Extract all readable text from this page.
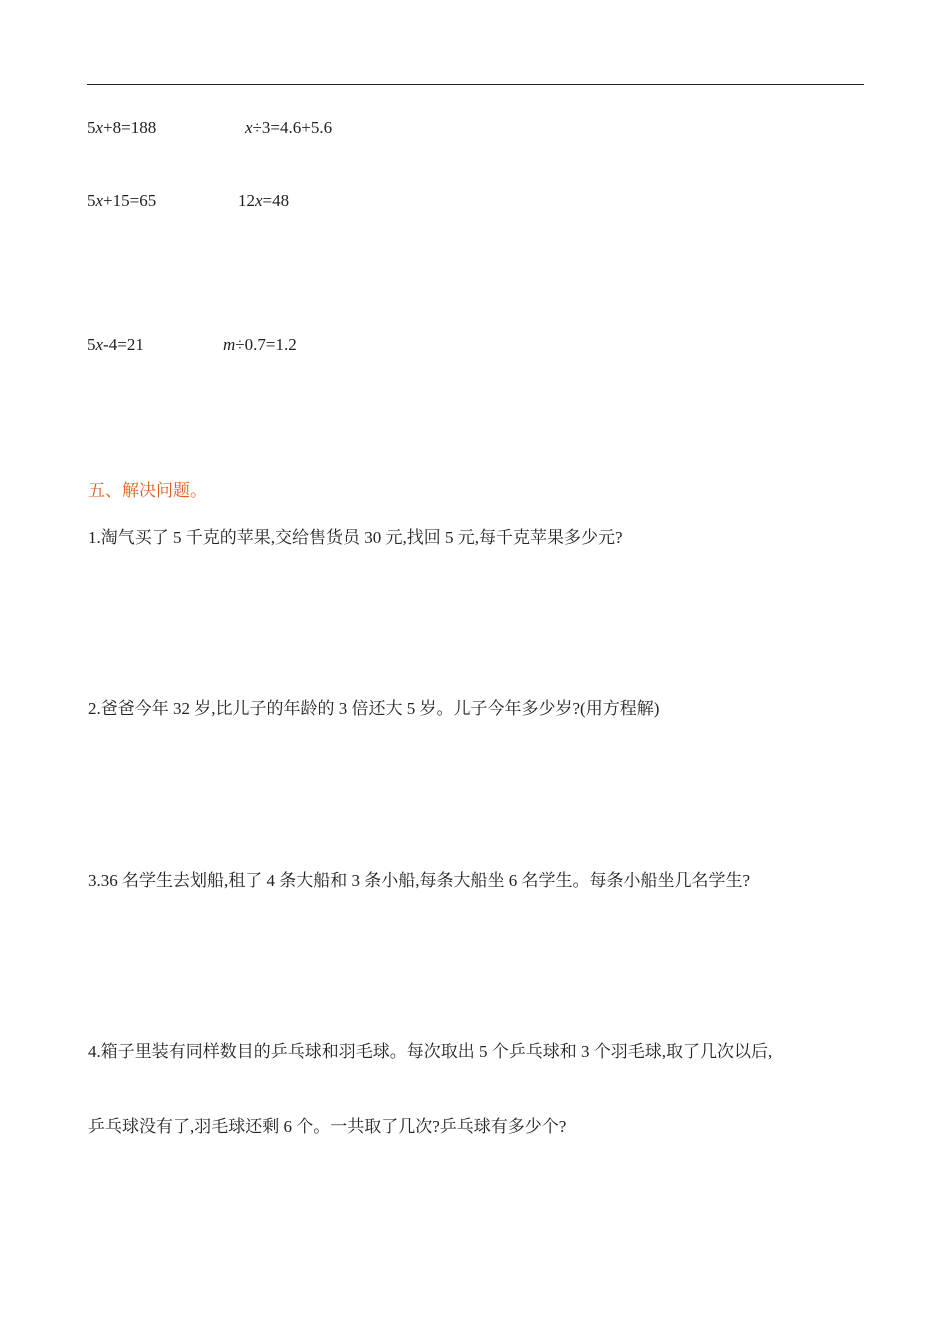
5x+8=188	x÷3=4.6+5.6
5x+15=65	12x=48
5x-4=21	m÷0.7=1.2
五、解决问题。
1.淘气买了 5 千克的苹果,交给售货员 30 元,找回 5 元,每千克苹果多少元?
2.爸爸今年 32 岁,比儿子的年龄的 3 倍还大 5 岁。儿子今年多少岁?(用方程解)
3.36 名学生去划船,租了 4 条大船和 3 条小船,每条大船坐 6 名学生。每条小船坐几名学生?
4.箱子里装有同样数目的乒乓球和羽毛球。每次取出 5 个乒乓球和 3 个羽毛球,取了几次以后,
乒乓球没有了,羽毛球还剩 6 个。一共取了几次?乒乓球有多少个?
